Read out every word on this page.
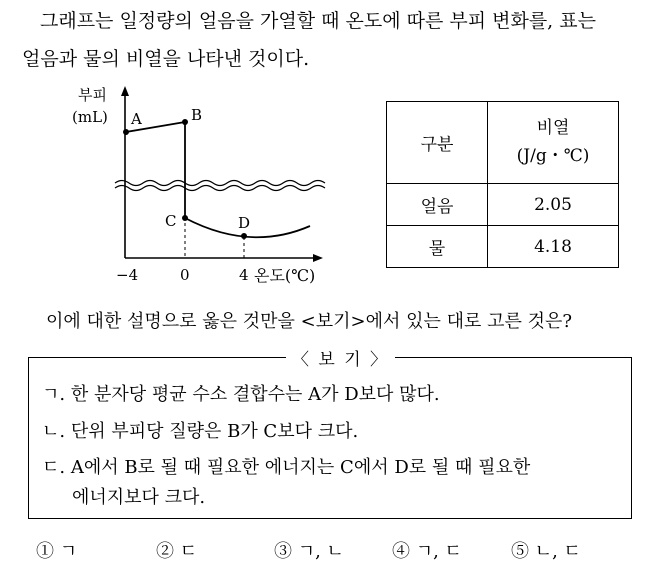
그래프는 일정량의 얼음을 가열할 때 온도에 따른 부피 변화를, 표는
얼음과 물의 비열을 나타낸 것이다.
부피
(mL) A	B
C	D
−4	0	4 온도(℃)
구분	비열
(J/g・℃)
얼음	2.05
물	4.18
이에 대한 설명으로 옳은 것만을 <보기>에서 있는 대로 고른 것은?
〈 보 기 〉
ㄱ. 한 분자당 평균 수소 결합수는 A가 D보다 많다.
ㄴ. 단위 부피당 질량은 B가 C보다 크다.
ㄷ. A에서 B로 될 때 필요한 에너지는 C에서 D로 될 때 필요한
에너지보다 크다.
① ㄱ	② ㄷ	③ ㄱ, ㄴ	④ ㄱ, ㄷ	⑤ ㄴ, ㄷ
